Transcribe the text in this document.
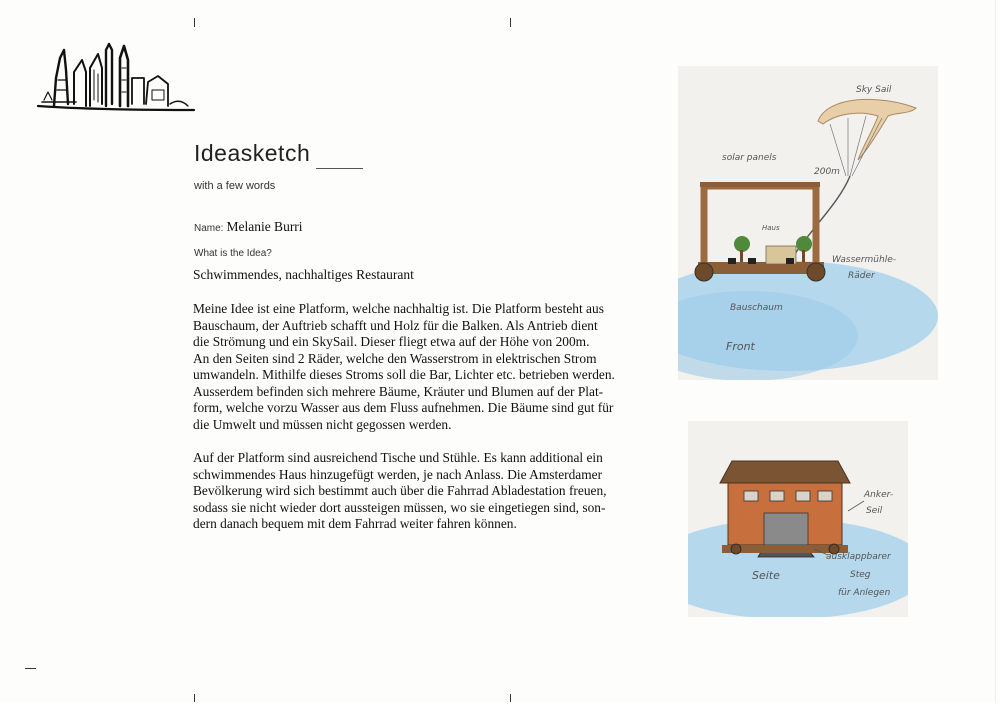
Ideasketch
with a few words
Name: Melanie Burri
What is the Idea?
Schwimmendes, nachhaltiges Restaurant
Meine Idee ist eine Platform, welche nachhaltig ist. Die Platform besteht aus
Bauschaum, der Auftrieb schafft und Holz für die Balken. Als Antrieb dient
die Strömung und ein SkySail. Dieser fliegt etwa auf der Höhe von 200m.
An den Seiten sind 2 Räder, welche den Wasserstrom in elektrischen Strom
umwandeln. Mithilfe dieses Stroms soll die Bar, Lichter etc. betrieben werden.
Ausserdem befinden sich mehrere Bäume, Kräuter und Blumen auf der Plat-
form, welche vorzu Wasser aus dem Fluss aufnehmen. Die Bäume sind gut für
die Umwelt und müssen nicht gegossen werden.
Auf der Platform sind ausreichend Tische und Stühle. Es kann additional ein
schwimmendes Haus hinzugefügt werden, je nach Anlass. Die Amsterdamer
Bevölkerung wird sich bestimmt auch über die Fahrrad Abladestation freuen,
sodass sie nicht wieder dort aussteigen müssen, wo sie eingetiegen sind, son-
dern danach bequem mit dem Fahrrad weiter fahren können.
Sky Sail
solar panels
200m
Haus
Wassermühle-
Räder
Bauschaum
Front
Anker-
Seil
ausklappbarer
Steg
für Anlegen
Seite
